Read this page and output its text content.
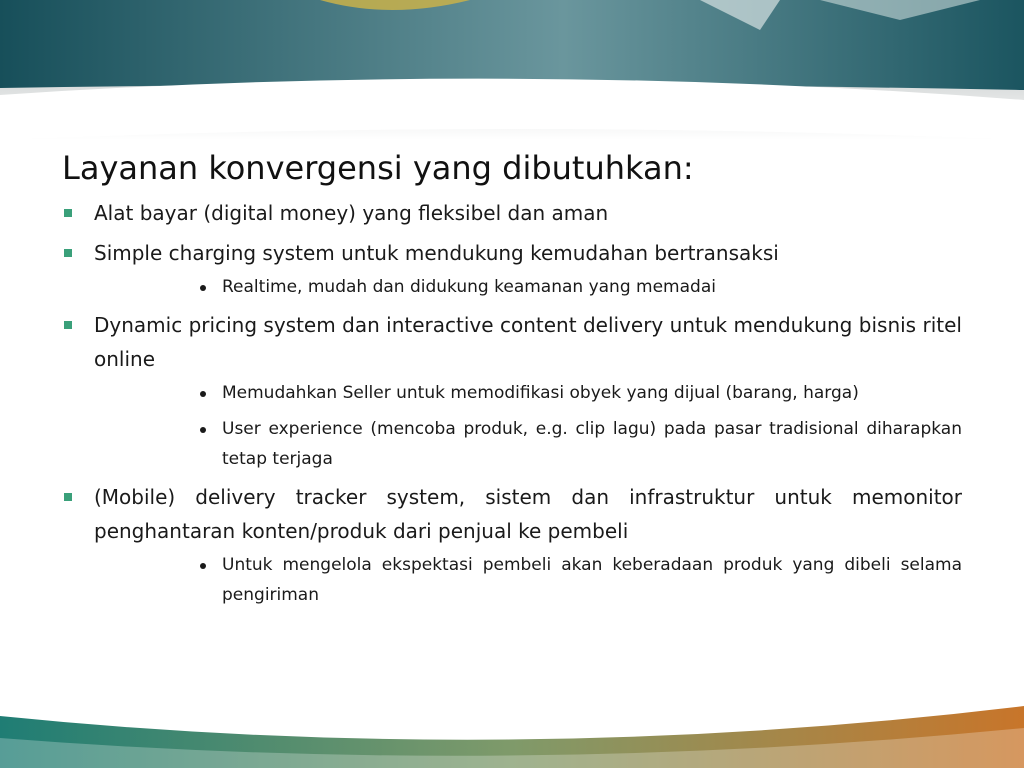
Layanan konvergensi yang dibutuhkan:
Alat bayar (digital money) yang fleksibel dan aman
Simple charging system untuk mendukung kemudahan bertransaksi
Realtime, mudah dan didukung keamanan yang memadai
Dynamic pricing system dan interactive content delivery untuk mendukung bisnis ritel online
Memudahkan Seller untuk memodifikasi obyek yang dijual (barang, harga)
User experience (mencoba produk, e.g. clip lagu) pada pasar tradisional diharapkan tetap terjaga
(Mobile) delivery tracker system, sistem dan infrastruktur untuk memonitor penghantaran konten/produk dari penjual ke pembeli
Untuk mengelola ekspektasi pembeli akan keberadaan produk yang dibeli selama pengiriman
